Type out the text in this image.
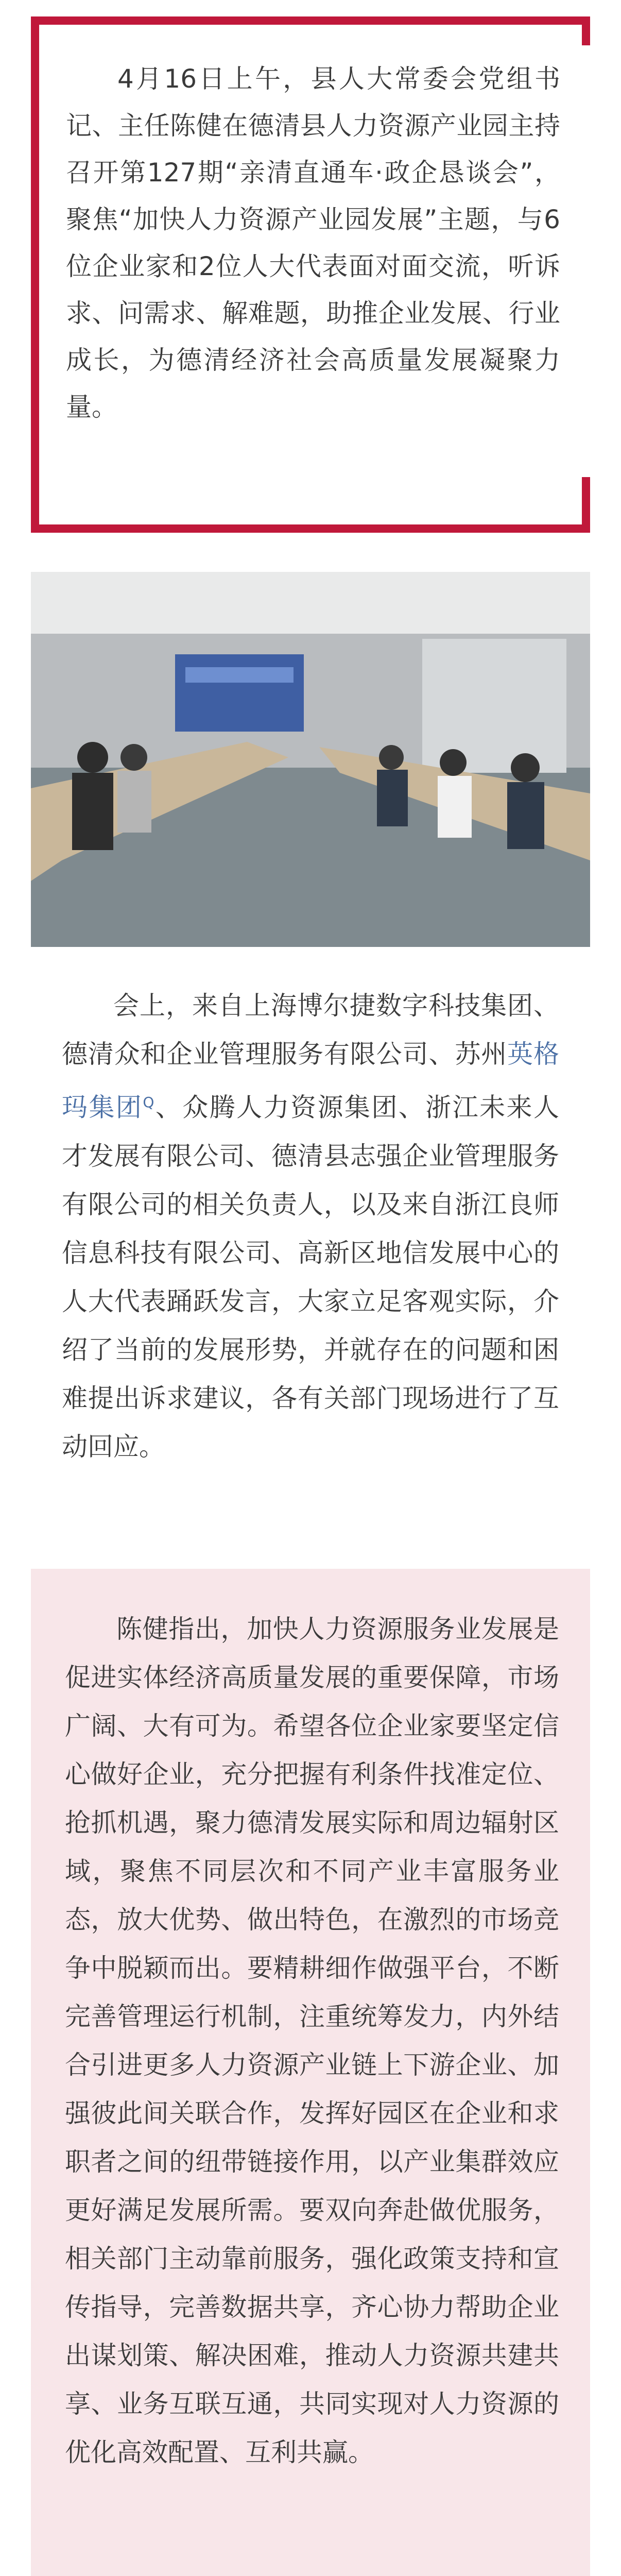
4月16日上午，县人大常委会党组书记、主任陈健在德清县人力资源产业园主持召开第127期“亲清直通车·政企恳谈会”，聚焦“加快人力资源产业园发展”主题，与6位企业家和2位人大代表面对面交流，听诉求、问需求、解难题，助推企业发展、行业成长，为德清经济社会高质量发展凝聚力量。

会上，来自上海博尔捷数字科技集团、德清众和企业管理服务有限公司、苏州英格玛集团$^Q$、众腾人力资源集团、浙江未来人才发展有限公司、德清县志强企业管理服务有限公司的相关负责人，以及来自浙江良师信息科技有限公司、高新区地信发展中心的人大代表踊跃发言，大家立足客观实际，介绍了当前的发展形势，并就存在的问题和困难提出诉求建议，各有关部门现场进行了互动回应。

陈健指出，加快人力资源服务业发展是促进实体经济高质量发展的重要保障，市场广阔、大有可为。希望各位企业家要坚定信心做好企业，充分把握有利条件找准定位、抢抓机遇，聚力德清发展实际和周边辐射区域，聚焦不同层次和不同产业丰富服务业态，放大优势、做出特色，在激烈的市场竞争中脱颖而出。要精耕细作做强平台，不断完善管理运行机制，注重统筹发力，内外结合引进更多人力资源产业链上下游企业、加强彼此间关联合作，发挥好园区在企业和求职者之间的纽带链接作用，以产业集群效应更好满足发展所需。要双向奔赴做优服务，相关部门主动靠前服务，强化政策支持和宣传指导，完善数据共享，齐心协力帮助企业出谋划策、解决困难，推动人力资源共建共享、业务互联互通，共同实现对人力资源的优化高效配置、互利共赢。
